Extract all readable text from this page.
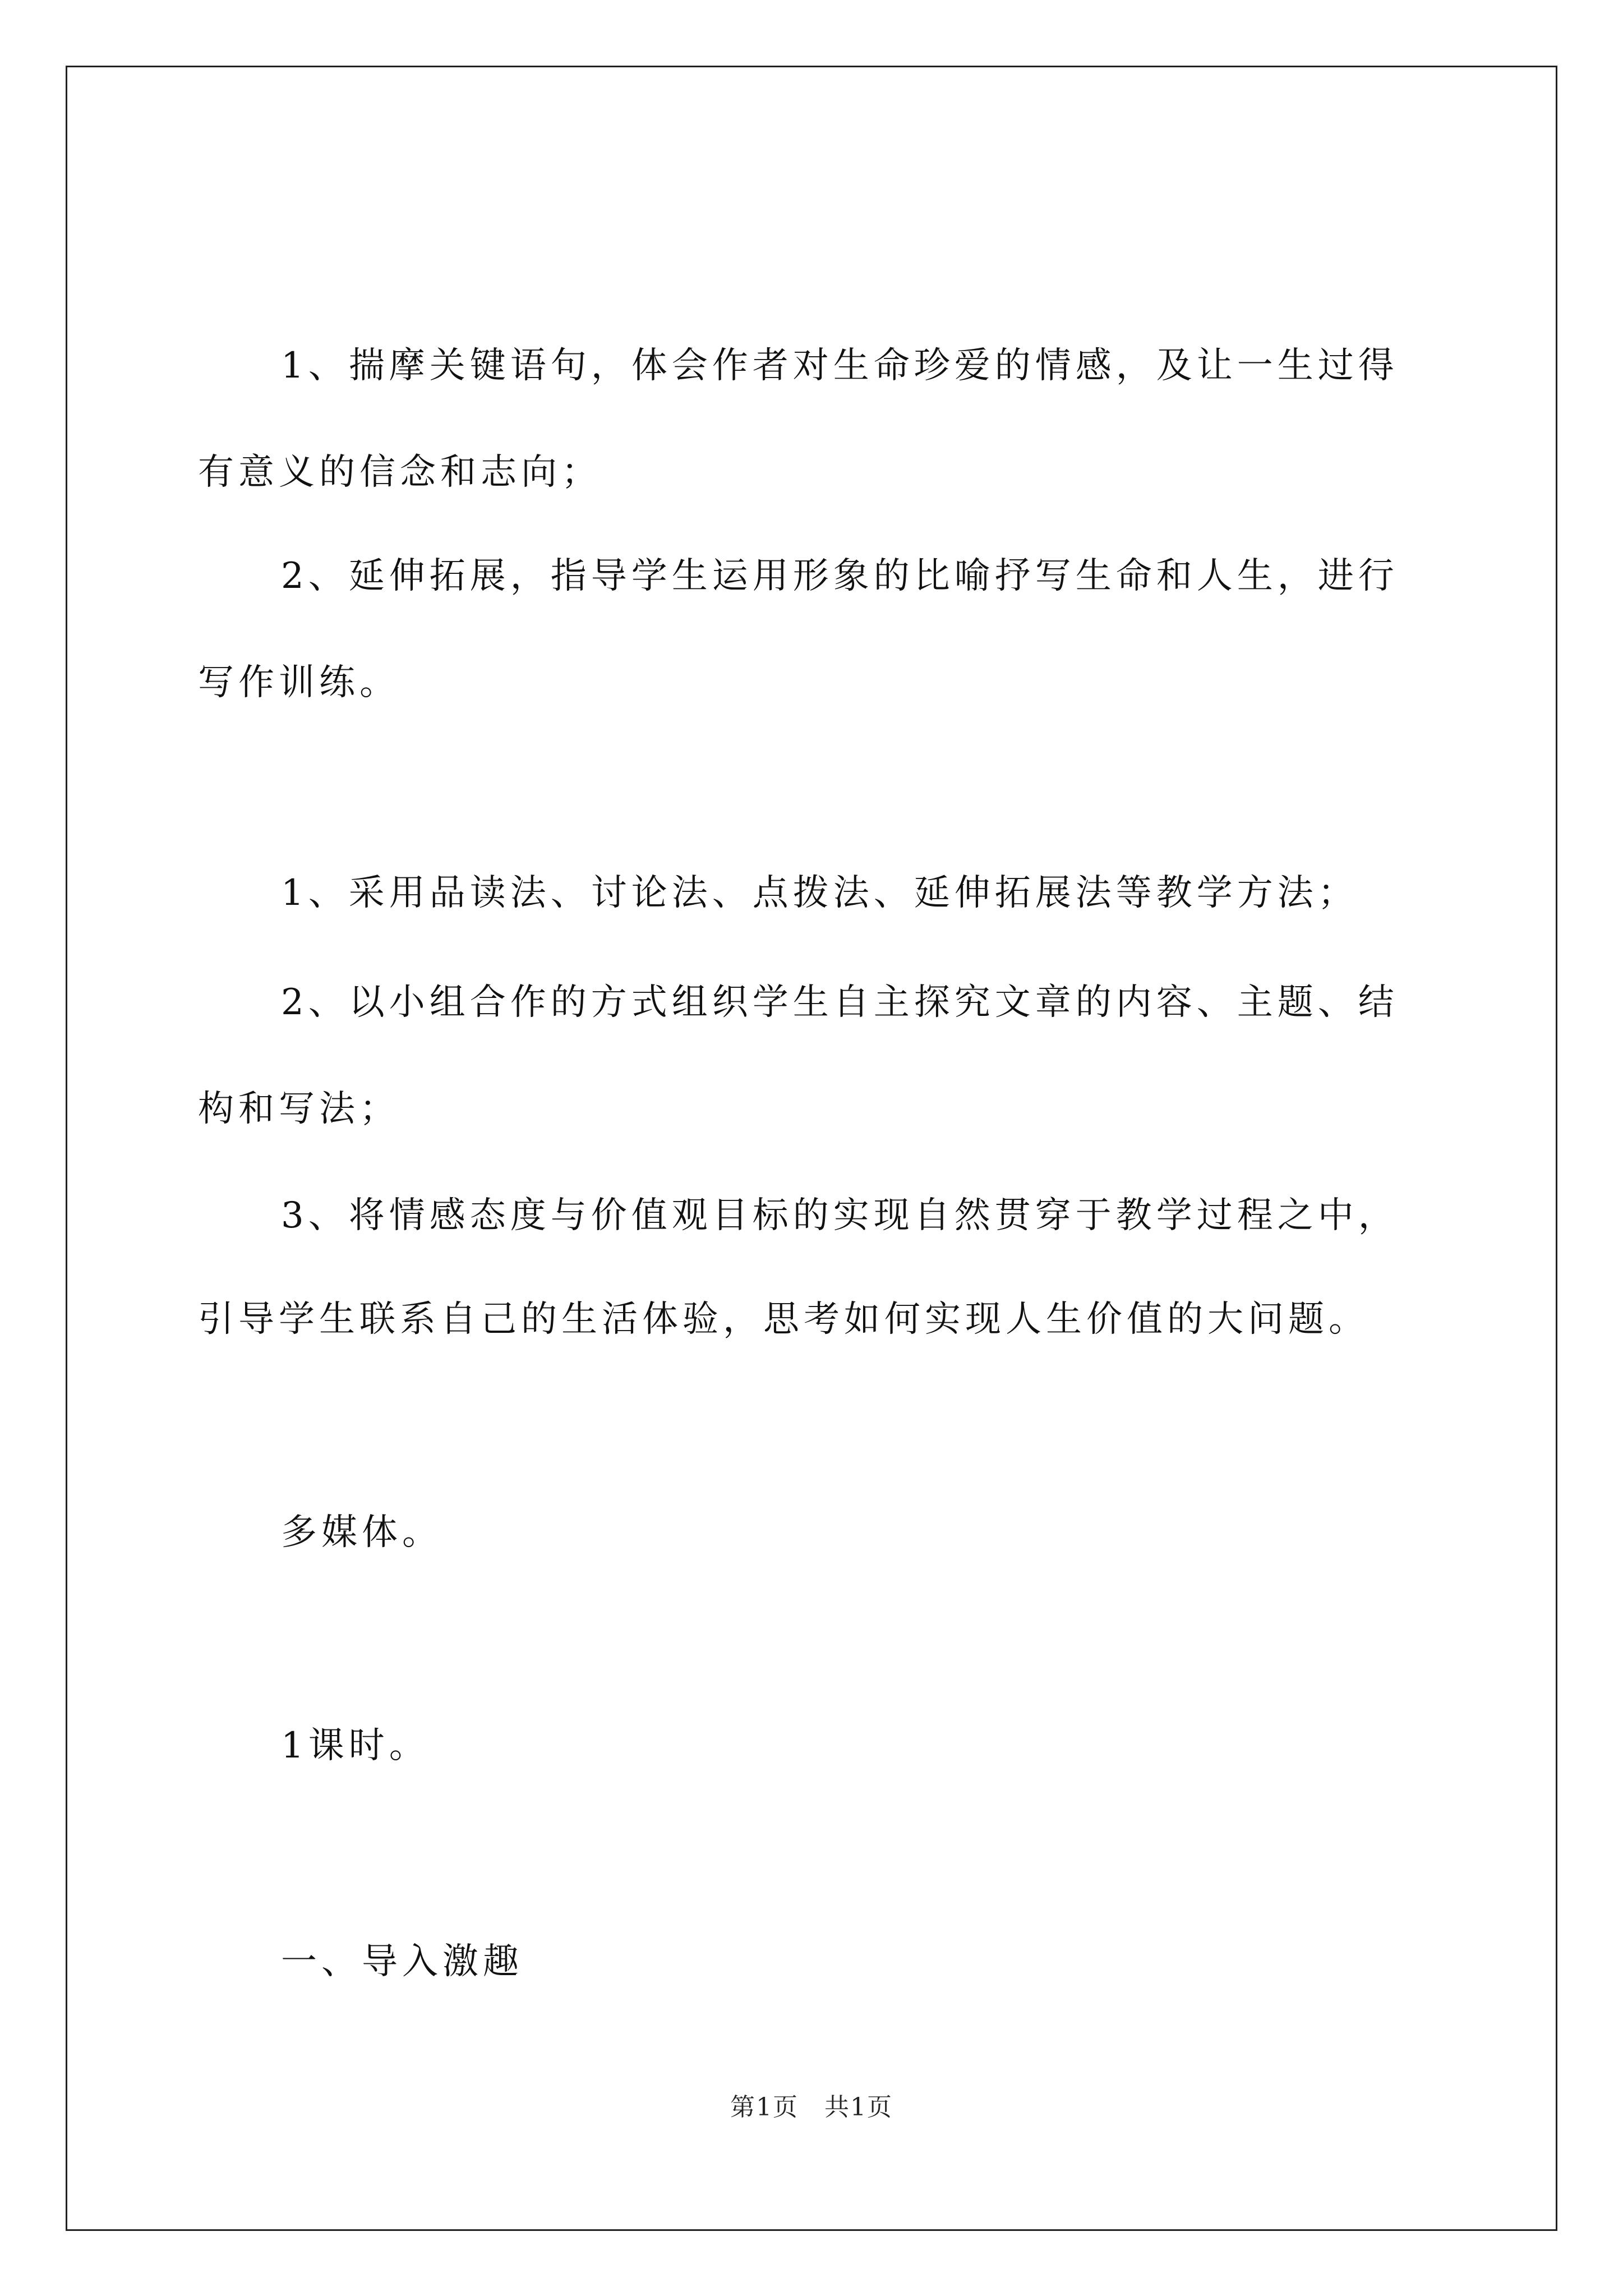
1、揣摩关键语句，体会作者对生命珍爱的情感，及让一生过得

有意义的信念和志向；

2、延伸拓展，指导学生运用形象的比喻抒写生命和人生，进行

写作训练。

1、采用品读法、讨论法、点拨法、延伸拓展法等教学方法；

2、以小组合作的方式组织学生自主探究文章的内容、主题、结

构和写法；

3、将情感态度与价值观目标的实现自然贯穿于教学过程之中，

引导学生联系自己的生活体验，思考如何实现人生价值的大问题。

多媒体。

1课时。

一、导入激趣

第1页　共1页
